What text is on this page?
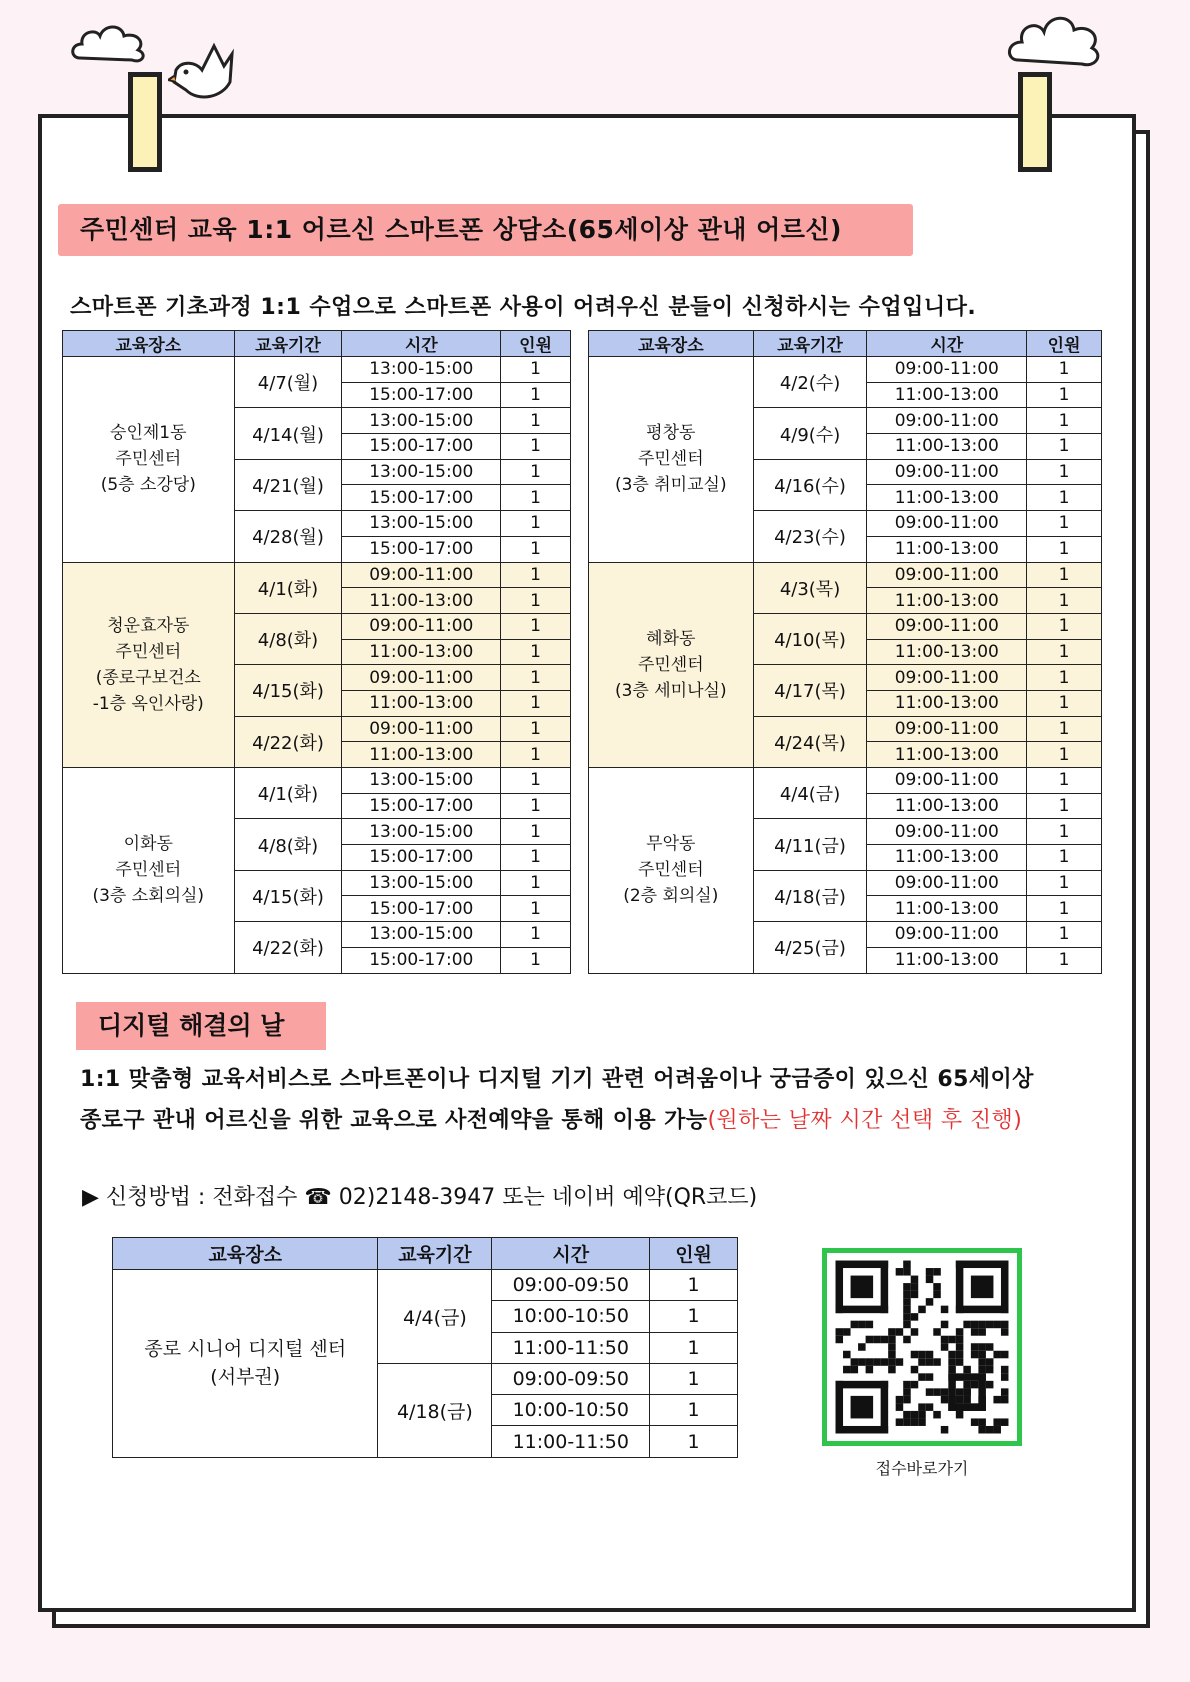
주민센터 교육 1:1 어르신 스마트폰 상담소(65세이상 관내 어르신)
스마트폰 기초과정 1:1 수업으로 스마트폰 사용이 어려우신 분들이 신청하시는 수업입니다.
교육장소	교육기간	시간	인원

숭인제1동
주민센터
(5층 소강당)	4/7(월)	13:00-15:00	1
		15:00-17:00	1
	4/14(월)	13:00-15:00	1
		15:00-17:00	1
	4/21(월)	13:00-15:00	1
		15:00-17:00	1
	4/28(월)	13:00-15:00	1
		15:00-17:00	1

청운효자동
주민센터
(종로구보건소
-1층 옥인사랑)	4/1(화)	09:00-11:00	1
		11:00-13:00	1
	4/8(화)	09:00-11:00	1
		11:00-13:00	1
	4/15(화)	09:00-11:00	1
		11:00-13:00	1
	4/22(화)	09:00-11:00	1
		11:00-13:00	1

이화동
주민센터
(3층 소회의실)	4/1(화)	13:00-15:00	1
		15:00-17:00	1
	4/8(화)	13:00-15:00	1
		15:00-17:00	1
	4/15(화)	13:00-15:00	1
		15:00-17:00	1
	4/22(화)	13:00-15:00	1
		15:00-17:00	1
교육장소	교육기간	시간	인원

평창동
주민센터
(3층 취미교실)	4/2(수)	09:00-11:00	1
		11:00-13:00	1
	4/9(수)	09:00-11:00	1
		11:00-13:00	1
	4/16(수)	09:00-11:00	1
		11:00-13:00	1
	4/23(수)	09:00-11:00	1
		11:00-13:00	1

혜화동
주민센터
(3층 세미나실)	4/3(목)	09:00-11:00	1
		11:00-13:00	1
	4/10(목)	09:00-11:00	1
		11:00-13:00	1
	4/17(목)	09:00-11:00	1
		11:00-13:00	1
	4/24(목)	09:00-11:00	1
		11:00-13:00	1

무악동
주민센터
(2층 회의실)	4/4(금)	09:00-11:00	1
		11:00-13:00	1
	4/11(금)	09:00-11:00	1
		11:00-13:00	1
	4/18(금)	09:00-11:00	1
		11:00-13:00	1
	4/25(금)	09:00-11:00	1
		11:00-13:00	1
디지털 해결의 날
1:1 맞춤형 교육서비스로 스마트폰이나 디지털 기기 관련 어려움이나 궁금증이 있으신 65세이상
종로구 관내 어르신을 위한 교육으로 사전예약을 통해 이용 가능(원하는 날짜 시간 선택 후 진행)
▶ 신청방법 : 전화접수 ☎ 02)2148-3947 또는 네이버 예약(QR코드)
교육장소	교육기간	시간	인원

종로 시니어 디지털 센터
(서부권)	4/4(금)	09:00-09:50	1
		10:00-10:50	1
		11:00-11:50	1
	4/18(금)	09:00-09:50	1
		10:00-10:50	1
		11:00-11:50	1
접수바로가기
